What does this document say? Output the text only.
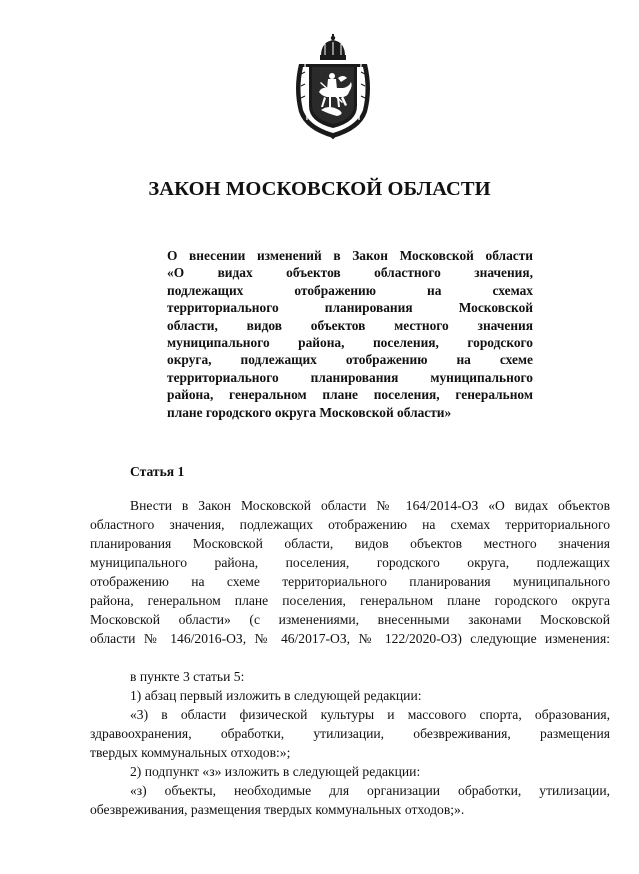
ЗАКОН МОСКОВСКОЙ ОБЛАСТИ
О внесении изменений в Закон Московской области
«О видах объектов областного значения,
подлежащих отображению на схемах
территориального планирования Московской
области, видов объектов местного значения
муниципального района, поселения, городского
округа, подлежащих отображению на схеме
территориального планирования муниципального
района, генеральном плане поселения, генеральном
плане городского округа Московской области»
Статья 1
Внести в Закон Московской области № 164/2014-ОЗ «О видах объектов
областного значения, подлежащих отображению на схемах территориального
планирования Московской области, видов объектов местного значения
муниципального района, поселения, городского округа, подлежащих
отображению на схеме территориального планирования муниципального
района, генеральном плане поселения, генеральном плане городского округа
Московской области» (с изменениями, внесенными законами Московской
области № 146/2016-ОЗ, № 46/2017-ОЗ, № 122/2020-ОЗ) следующие изменения:
в пункте 3 статьи 5:
1) абзац первый изложить в следующей редакции:
«3) в области физической культуры и массового спорта, образования,
здравоохранения, обработки, утилизации, обезвреживания, размещения
твердых коммунальных отходов:»;
2) подпункт «з» изложить в следующей редакции:
«з) объекты, необходимые для организации обработки, утилизации,
обезвреживания, размещения твердых коммунальных отходов;».
